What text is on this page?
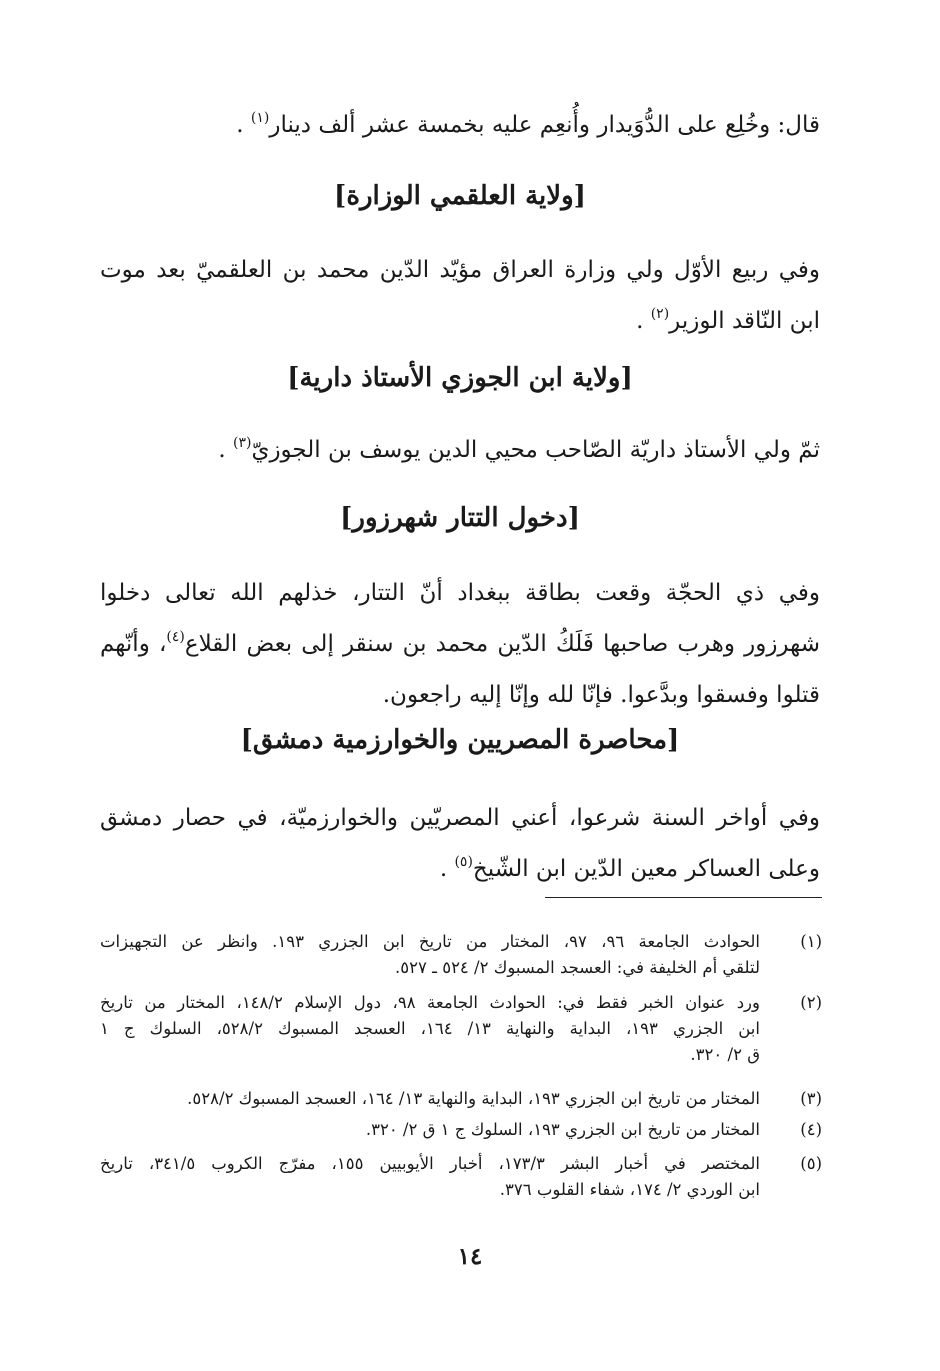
قال: وخُلِع على الدُّوَيدار وأُنعِم عليه بخمسة عشر ألف دينار$^{(١)}$ .
[ولاية العلقمي الوزارة]
وفي ربيع الأوّل ولي وزارة العراق مؤيّد الدّين محمد بن العلقميّ بعد موت
ابن النّاقد الوزير$^{(٢)}$ .
[ولاية ابن الجوزي الأستاذ دارية]
ثمّ ولي الأستاذ داريّة الصّاحب محيي الدين يوسف بن الجوزيّ$^{(٣)}$ .
[دخول التتار شهرزور]
وفي ذي الحجّة وقعت بطاقة ببغداد أنّ التتار، خذلهم الله تعالى دخلوا
شهرزور وهرب صاحبها فَلَكُ الدّين محمد بن سنقر إلى بعض القلاع$^{(٤)}$، وأنّهم
قتلوا وفسقوا وبدَّعوا. فإنّا لله وإنّا إليه راجعون.
[محاصرة المصريين والخوارزمية دمشق]
وفي أواخر السنة شرعوا، أعني المصريّين والخوارزميّة، في حصار دمشق
وعلى العساكر معين الدّين ابن الشّيخ$^{(٥)}$ .
(١)
الحوادث الجامعة ٩٦، ٩٧، المختار من تاريخ ابن الجزري ١٩٣. وانظر عن التجهيزات
لتلقي أم الخليفة في: العسجد المسبوك ٢/ ٥٢٤ ـ ٥٢٧.
(٢)
ورد عنوان الخبر فقط في: الحوادث الجامعة ٩٨، دول الإسلام ١٤٨/٢، المختار من تاريخ
ابن الجزري ١٩٣، البداية والنهاية ١٣/ ١٦٤، العسجد المسبوك ٥٢٨/٢، السلوك ج ١
ق ٢/ ٣٢٠.
(٣)
المختار من تاريخ ابن الجزري ١٩٣، البداية والنهاية ١٣/ ١٦٤، العسجد المسبوك ٥٢٨/٢.
(٤)
المختار من تاريخ ابن الجزري ١٩٣، السلوك ج ١ ق ٢/ ٣٢٠.
(٥)
المختصر في أخبار البشر ١٧٣/٣، أخبار الأيوبيين ١٥٥، مفرّج الكروب ٣٤١/٥، تاريخ
ابن الوردي ٢/ ١٧٤، شفاء القلوب ٣٧٦.
١٤
